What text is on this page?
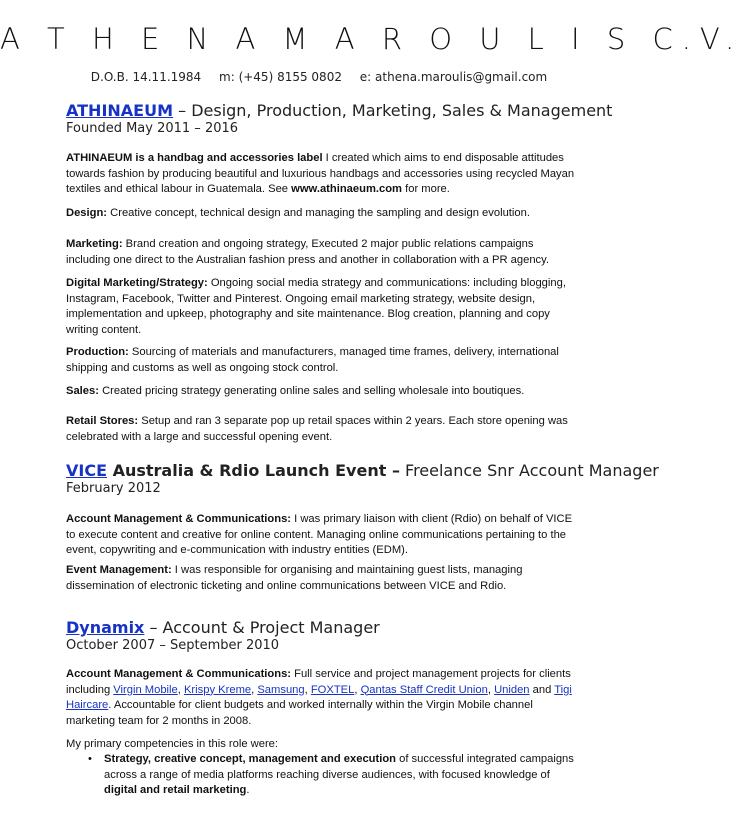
A T H E N A M A R O U L I S C.V.
D.O.B. 14.11.1984 m: (+45) 8155 0802 e: athena.maroulis@gmail.com
ATHINAEUM – Design, Production, Marketing, Sales & Management
Founded May 2011 – 2016
ATHINAEUM is a handbag and accessories label I created which aims to end disposable attitudes towards fashion by producing beautiful and luxurious handbags and accessories using recycled Mayan textiles and ethical labour in Guatemala. See www.athinaeum.com for more.
Design: Creative concept, technical design and managing the sampling and design evolution.
Marketing: Brand creation and ongoing strategy, Executed 2 major public relations campaigns including one direct to the Australian fashion press and another in collaboration with a PR agency.
Digital Marketing/Strategy: Ongoing social media strategy and communications: including blogging, Instagram, Facebook, Twitter and Pinterest. Ongoing email marketing strategy, website design, implementation and upkeep, photography and site maintenance. Blog creation, planning and copy writing content.
Production: Sourcing of materials and manufacturers, managed time frames, delivery, international shipping and customs as well as ongoing stock control.
Sales: Created pricing strategy generating online sales and selling wholesale into boutiques.
Retail Stores: Setup and ran 3 separate pop up retail spaces within 2 years. Each store opening was celebrated with a large and successful opening event.
VICE Australia & Rdio Launch Event – Freelance Snr Account Manager
February 2012
Account Management & Communications: I was primary liaison with client (Rdio) on behalf of VICE to execute content and creative for online content. Managing online communications pertaining to the event, copywriting and e-communication with industry entities (EDM).
Event Management: I was responsible for organising and maintaining guest lists, managing dissemination of electronic ticketing and online communications between VICE and Rdio.
Dynamix – Account & Project Manager
October 2007 – September 2010
Account Management & Communications: Full service and project management projects for clients including Virgin Mobile, Krispy Kreme, Samsung, FOXTEL, Qantas Staff Credit Union, Uniden and Tigi Haircare. Accountable for client budgets and worked internally within the Virgin Mobile channel marketing team for 2 months in 2008.
My primary competencies in this role were:
• Strategy, creative concept, management and execution of successful integrated campaigns across a range of media platforms reaching diverse audiences, with focused knowledge of digital and retail marketing.
